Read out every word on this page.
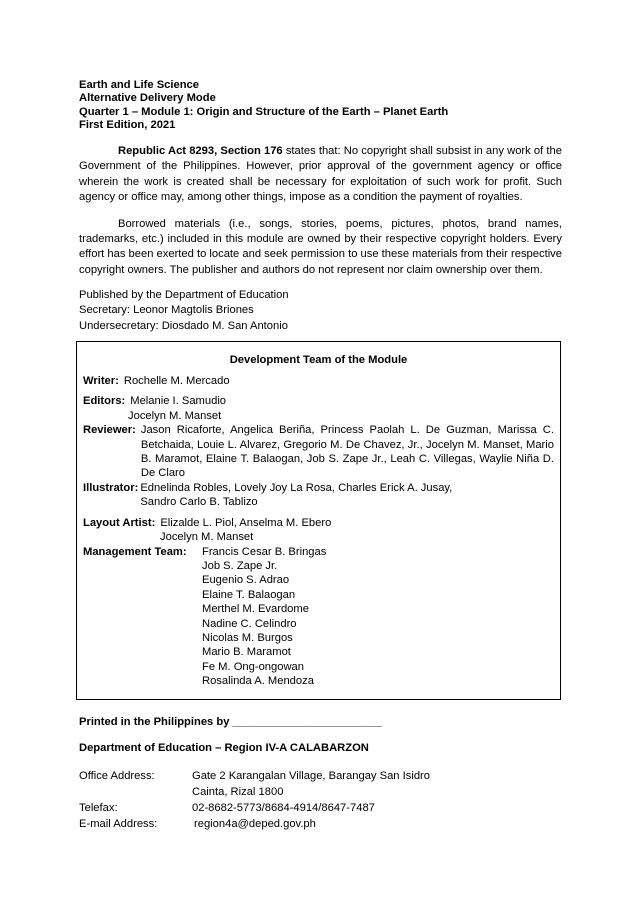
Earth and Life Science
Alternative Delivery Mode
Quarter 1 – Module 1: Origin and Structure of the Earth – Planet Earth
First Edition, 2021

Republic Act 8293, Section 176 states that: No copyright shall subsist in any work of the Government of the Philippines. However, prior approval of the government agency or office wherein the work is created shall be necessary for exploitation of such work for profit. Such agency or office may, among other things, impose as a condition the payment of royalties.

Borrowed materials (i.e., songs, stories, poems, pictures, photos, brand names, trademarks, etc.) included in this module are owned by their respective copyright holders. Every effort has been exerted to locate and seek permission to use these materials from their respective copyright owners. The publisher and authors do not represent nor claim ownership over them.

Published by the Department of Education
Secretary: Leonor Magtolis Briones
Undersecretary: Diosdado M. San Antonio
Development Team of the Module
Writer: Rochelle M. Mercado
Editors: Melanie I. Samudio
Jocelyn M. Manset
Reviewer: Jason Ricaforte, Angelica Beriña, Princess Paolah L. De Guzman, Marissa C. Betchaida, Louie L. Alvarez, Gregorio M. De Chavez, Jr., Jocelyn M. Manset, Mario B. Maramot, Elaine T. Balaogan, Job S. Zape Jr., Leah C. Villegas, Waylie Niña D. De Claro
Illustrator: Ednelinda Robles, Lovely Joy La Rosa, Charles Erick A. Jusay, Sandro Carlo B. Tablizo
Layout Artist: Elizalde L. Piol, Anselma M. Ebero
Jocelyn M. Manset
Management Team:	Francis Cesar B. Bringas
Job S. Zape Jr.
Eugenio S. Adrao
Elaine T. Balaogan
Merthel M. Evardome
Nadine C. Celindro
Nicolas M. Burgos
Mario B. Maramot
Fe M. Ong-ongowan
Rosalinda A. Mendoza
Printed in the Philippines by ________________________
Department of Education – Region IV-A CALABARZON
Office Address:	Gate 2 Karangalan Village, Barangay San Isidro
Cainta, Rizal 1800
Telefax:	02-8682-5773/8684-4914/8647-7487
E-mail Address:	region4a@deped.gov.ph
